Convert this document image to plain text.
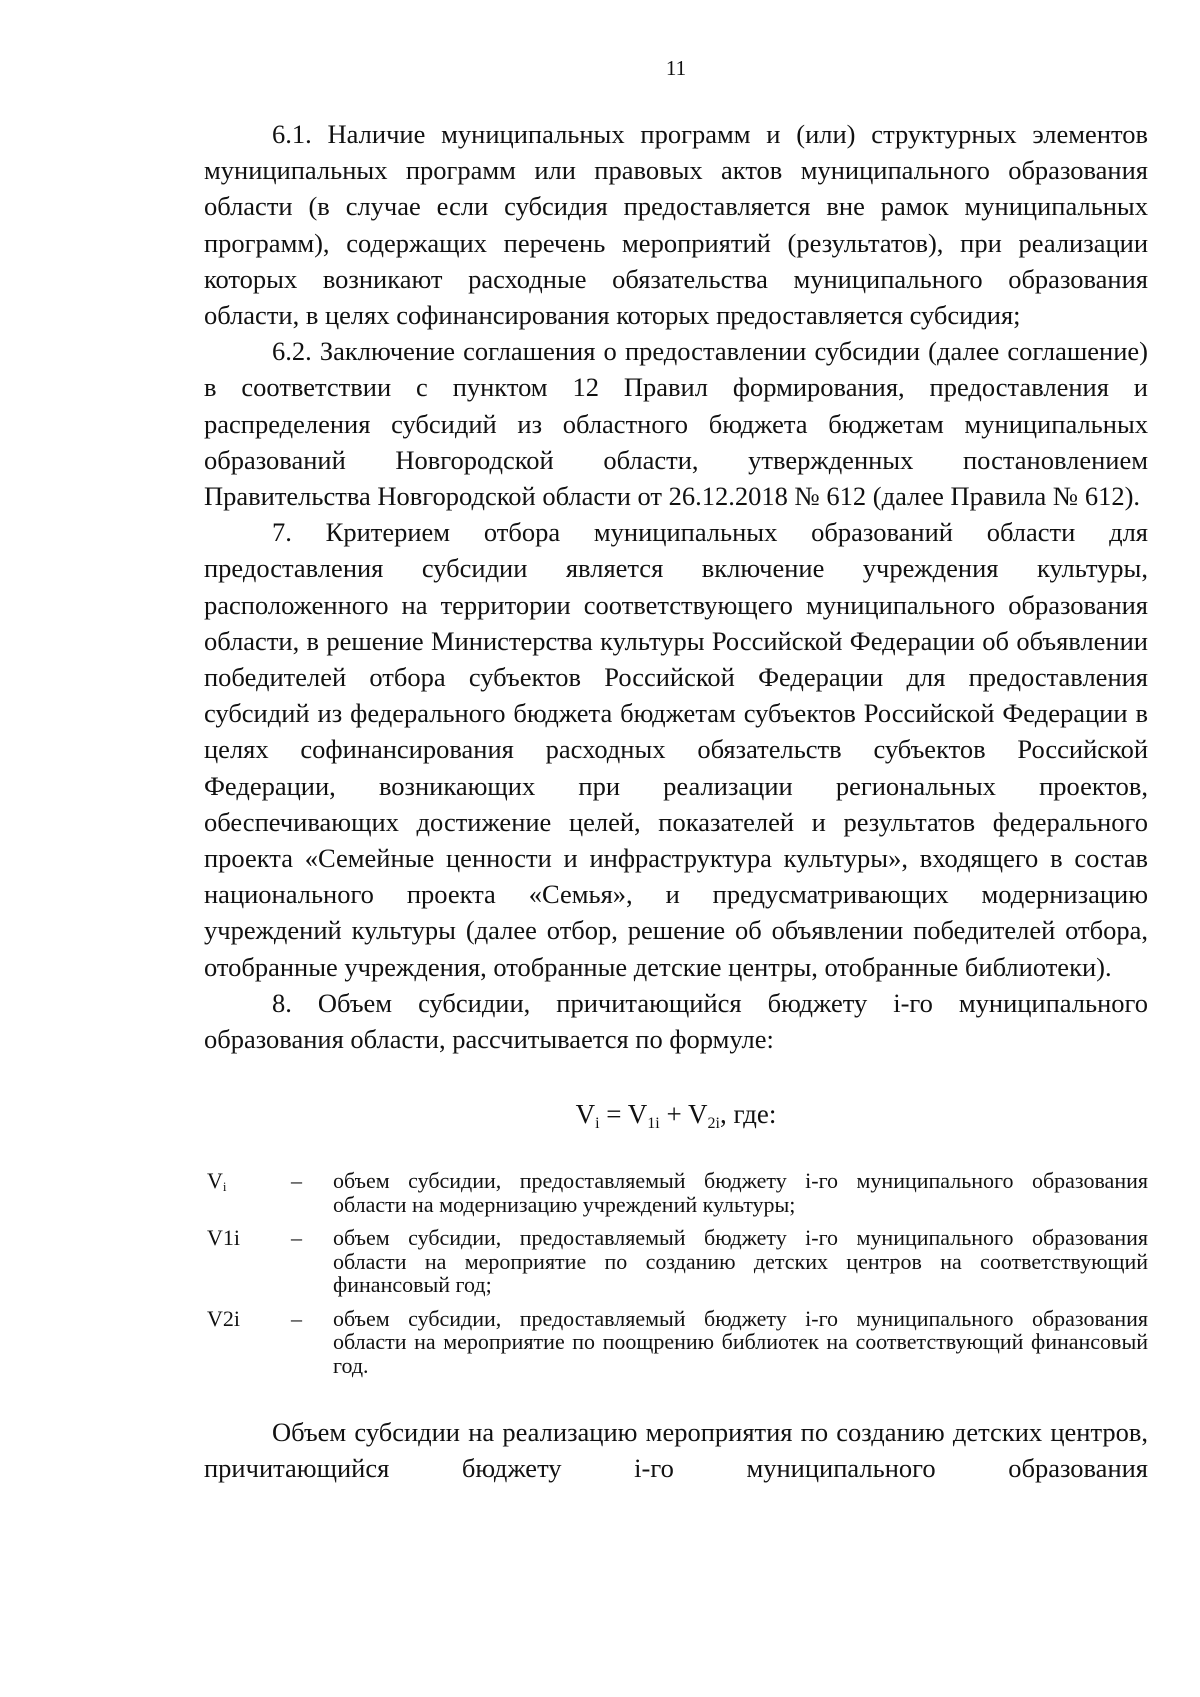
11

6.1. Наличие муниципальных программ и (или) структурных элементов муниципальных программ или правовых актов муниципального образования области (в случае если субсидия предоставляется вне рамок муниципальных программ), содержащих перечень мероприятий (результатов), при реализации которых возникают расходные обязательства муниципального образования области, в целях софинансирования которых предоставляется субсидия;

6.2. Заключение соглашения о предоставлении субсидии (далее соглашение) в соответствии с пунктом 12 Правил формирования, предоставления и распределения субсидий из областного бюджета бюджетам муниципальных образований Новгородской области, утвержденных постановлением Правительства Новгородской области от 26.12.2018 № 612 (далее Правила № 612).

7. Критерием отбора муниципальных образований области для предоставления субсидии является включение учреждения культуры, расположенного на территории соответствующего муниципального образования области, в решение Министерства культуры Российской Федерации об объявлении победителей отбора субъектов Российской Федерации для предоставления субсидий из федерального бюджета бюджетам субъектов Российской Федерации в целях софинансирования расходных обязательств субъектов Российской Федерации, возникающих при реализации региональных проектов, обеспечивающих достижение целей, показателей и результатов федерального проекта «Семейные ценности и инфраструктура культуры», входящего в состав национального проекта «Семья», и предусматривающих модернизацию учреждений культуры (далее отбор, решение об объявлении победителей отбора, отобранные учреждения, отобранные детские центры, отобранные библиотеки).

8. Объем субсидии, причитающийся бюджету i-го муниципального образования области, рассчитывается по формуле:

$V_i = V_{1i} + V_{2i}$, где:
$V_i$	–	объем субсидии, предоставляемый бюджету i-го муниципального образования области на модернизацию учреждений культуры;
V1i	–	объем субсидии, предоставляемый бюджету i-го муниципального образования области на мероприятие по созданию детских центров на соответствующий финансовый год;
V2i	–	объем субсидии, предоставляемый бюджету i-го муниципального образования области на мероприятие по поощрению библиотек на соответствующий финансовый год.

Объем субсидии на реализацию мероприятия по созданию детских центров, причитающийся бюджету i-го муниципального образования
